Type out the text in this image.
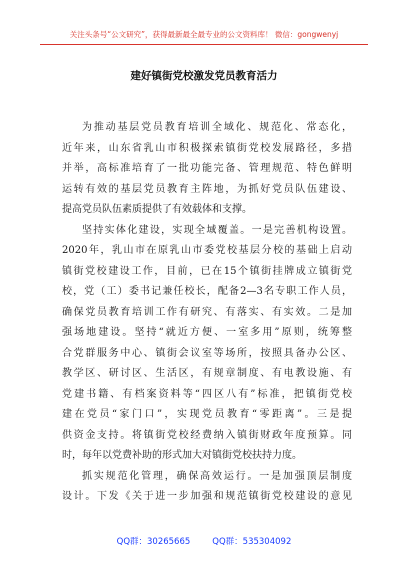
关注头条号“公文研究”，获得最新最全最专业的公文资料库！ 微信：gongwenyj
建好镇街党校激发党员教育活力
为推动基层党员教育培训全域化、规范化、常态化，
近年来，山东省乳山市积极探索镇街党校发展路径，多措
并举，高标准培育了一批功能完备、管理规范、特色鲜明
运转有效的基层党员教育主阵地，为抓好党员队伍建设、
提高党员队伍素质提供了有效载体和支撑。
坚持实体化建设，实现全域覆盖。一是完善机构设置。
2020年，乳山市在原乳山市委党校基层分校的基础上启动
镇街党校建设工作，目前，已在15个镇街挂牌成立镇街党
校，党（工）委书记兼任校长，配备2—3名专职工作人员，
确保党员教育培训工作有研究、有落实、有实效。二是加
强场地建设。坚持“就近方便、一室多用”原则，统筹整
合党群服务中心、镇街会议室等场所，按照具备办公区、
教学区、研讨区、生活区，有规章制度、有电教设施、有
党建书籍、有档案资料等“四区八有”标准，把镇街党校
建在党员“家门口”，实现党员教育“零距离”。三是提
供资金支持。将镇街党校经费纳入镇街财政年度预算。同
时，每年以党费补助的形式加大对镇街党校扶持力度。
抓实规范化管理，确保高效运行。一是加强顶层制度
设计。下发《关于进一步加强和规范镇街党校建设的意见
QQ群：30265665	QQ群：535304092
